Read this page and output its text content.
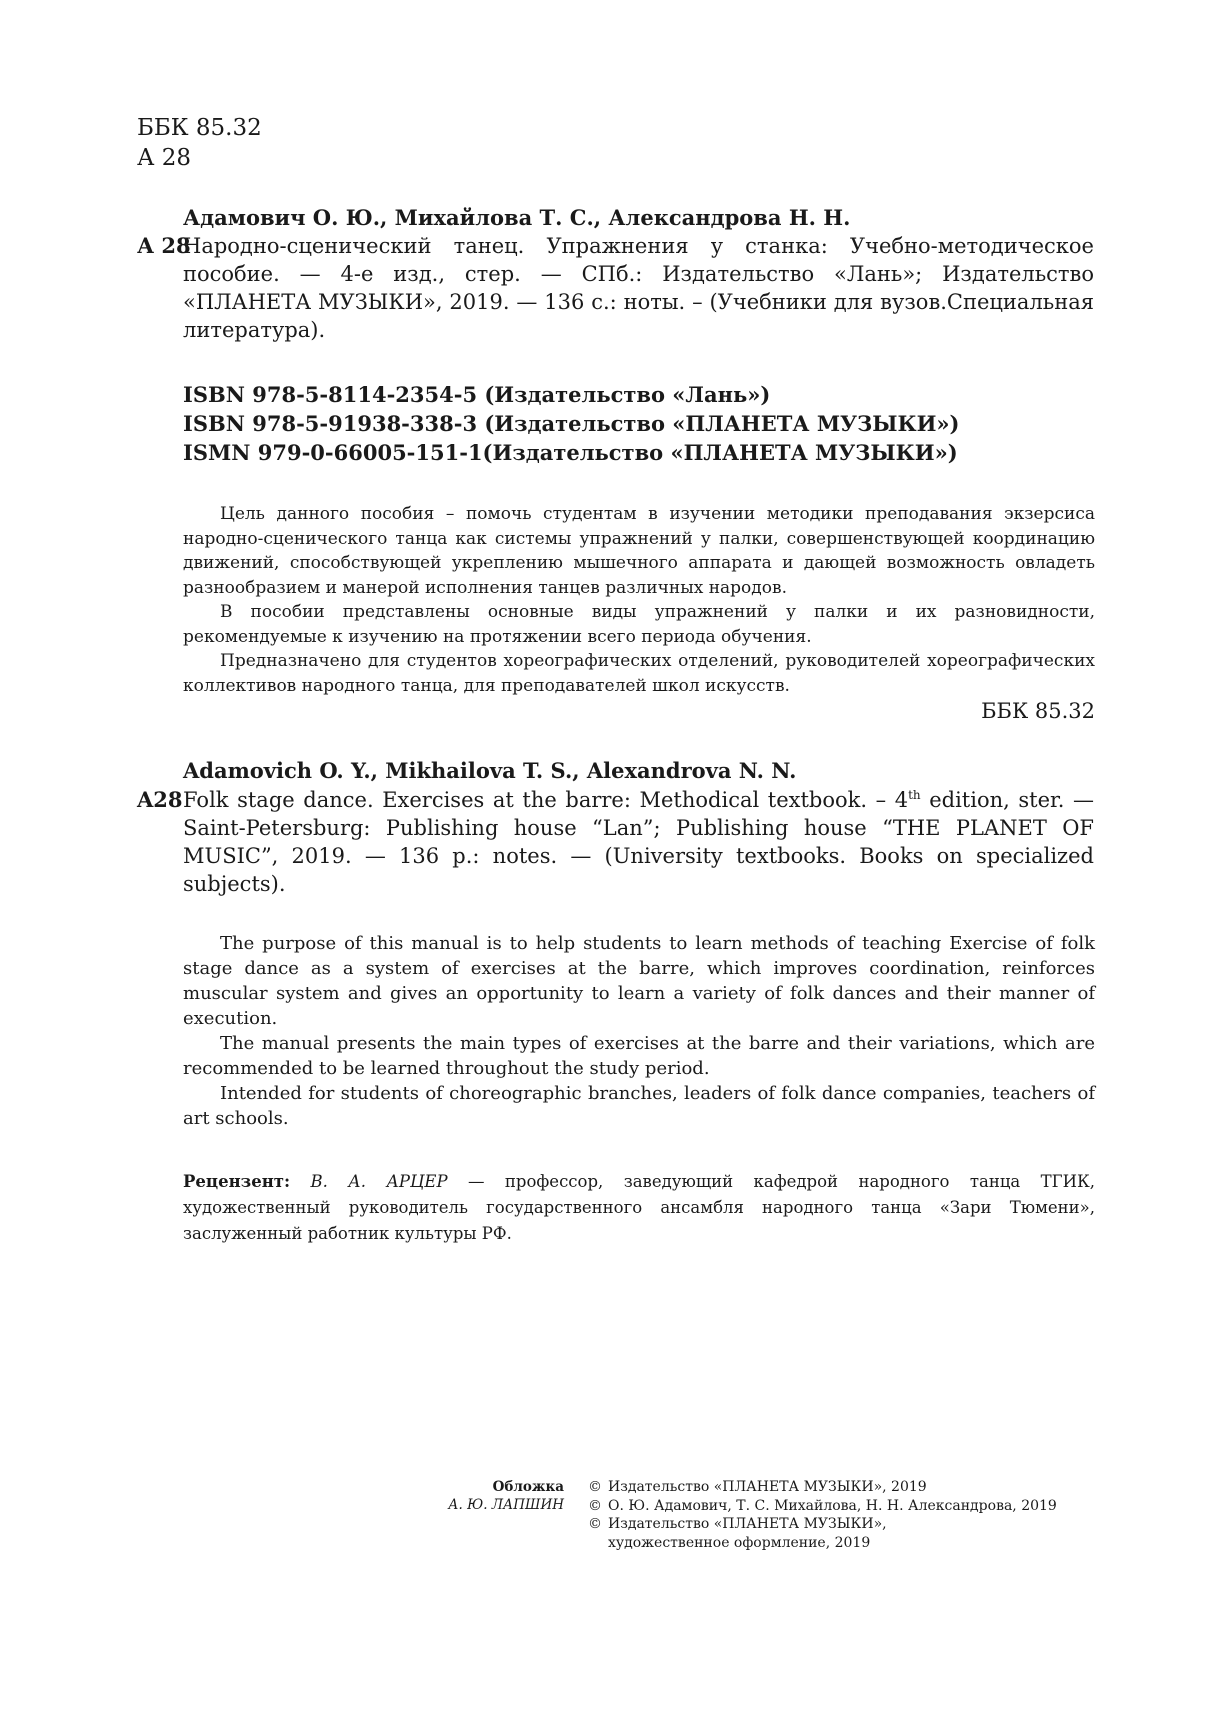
ББК 85.32
А 28
Адамович О. Ю., Михайлова Т. С., Александрова Н. Н.
А 28
Народно-сценический танец. Упражнения у станка: Учебно-методическое пособие. — 4-е изд., стер. — СПб.: Издательство «Лань»; Издательство «ПЛАНЕТА МУЗЫКИ», 2019. — 136 с.: ноты. – (Учебники для вузов.Специальная литература).
ISBN 978-5-8114-2354-5 (Издательство «Лань»)
ISBN 978-5-91938-338-3 (Издательство «ПЛАНЕТА МУЗЫКИ»)
ISMN 979-0-66005-151-1(Издательство «ПЛАНЕТА МУЗЫКИ»)

Цель данного пособия – помочь студентам в изучении методики преподавания экзерсиса народно-сценического танца как системы упражнений у палки, совершенствующей координацию движений, способствующей укреплению мышечного аппарата и дающей возможность овладеть разнообразием и манерой исполнения танцев различных народов.

В пособии представлены основные виды упражнений у палки и их разновидности, рекомендуемые к изучению на протяжении всего периода обучения.

Предназначено для студентов хореографических отделений, руководителей хореографических коллективов народного танца, для преподавателей школ искусств.

ББК 85.32
Adamovich O. Y., Mikhailova T. S., Alexandrova N. N.
A28 Folk stage dance. Exercises at the barre: Methodical textbook. – 4th edition, ster. — Saint-Petersburg: Publishing house “Lan”; Publishing house “THE PLANET OF MUSIC”, 2019. — 136 p.: notes. — (University textbooks. Books on specialized subjects).

The purpose of this manual is to help students to learn methods of teaching Exercise of folk stage dance as a system of exercises at the barre, which improves coordination, reinforces muscular system and gives an opportunity to learn a variety of folk dances and their manner of execution.

The manual presents the main types of exercises at the barre and their variations, which are recommended to be learned throughout the study period.

Intended for students of choreographic branches, leaders of folk dance companies, teachers of art schools.

Рецензент: В. А. АРЦЕР — профессор, заведующий кафедрой народного танца ТГИК, художественный руководитель государственного ансамбля народного танца «Зари Тюмени», заслуженный работник культуры РФ.
Обложка
А. Ю. ЛАПШИН
© Издательство «ПЛАНЕТА МУЗЫКИ», 2019
© О. Ю. Адамович, Т. С. Михайлова, Н. Н. Александрова, 2019
© Издательство «ПЛАНЕТА МУЗЫКИ»,
художественное оформление, 2019
